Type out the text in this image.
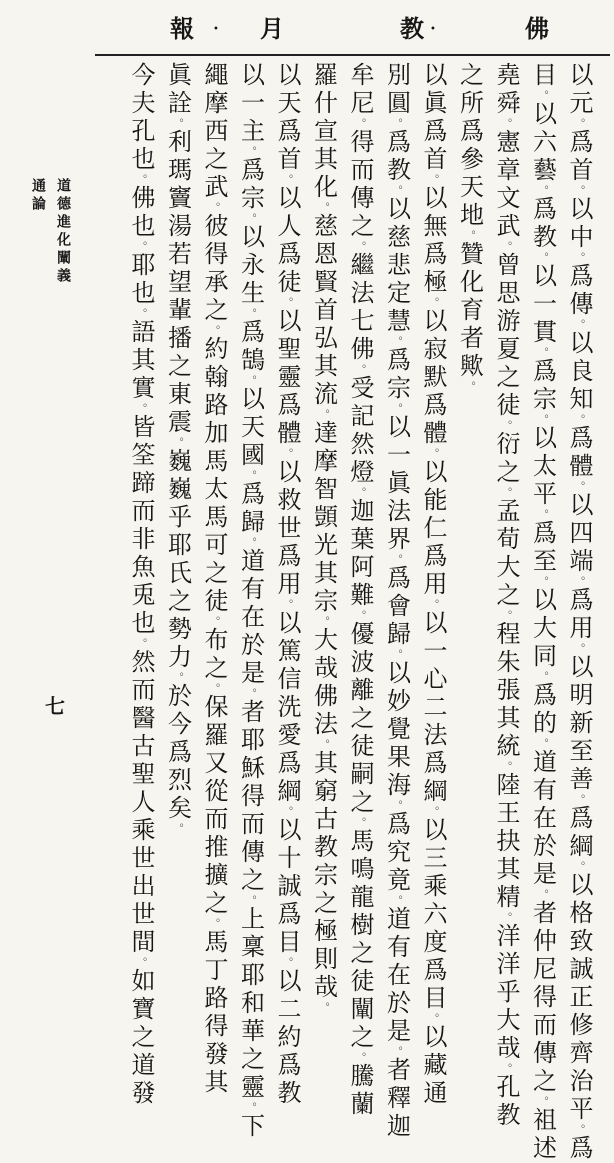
佛
•
教
月
•
報
通論 道德進化闡義
七
以元。爲首。以中。爲傳。以良知。爲體。以四端。爲用。以明新至善。爲綱。以格致誠正修齊治平。爲
目。以六藝。爲教。以一貫。爲宗。以太平。爲至。以大同。爲的。道有在於是。者仲尼得而傳之。祖述
堯舜。憲章文武。曾思游夏之徒。衍之。孟荀大之。程朱張其統。陸王抉其精。洋洋乎大哉。孔教
之所爲參天地。贊化育者歟。
以眞爲首。以無爲極。以寂默爲體。以能仁爲用。以一心二法爲綱。以三乘六度爲目。以藏通
別圓。爲教。以慈悲定慧。爲宗。以一眞法界。爲會歸。以妙覺果海。爲究竟。道有在於是。者釋迦
牟尼。得而傳之。繼法七佛。受記然燈。迦葉阿難。優波離之徒嗣之。馬鳴龍樹之徒闡之。騰蘭
羅什宣其化。慈恩賢首弘其流。達摩智顗光其宗。大哉佛法。其窮古教宗之極則哉。
以天爲首。以人爲徒。以聖靈爲體。以救世爲用。以篤信洗愛爲綱。以十誠爲目。以二約爲教
以一主。爲宗。以永生。爲鵠。以天國。爲歸。道有在於是。者耶穌得而傳之。上稟耶和華之靈。下
繩摩西之武。彼得承之。約翰路加馬太馬可之徒。布之。保羅又從而推擴之。馬丁路得發其
眞詮。利瑪竇湯若望輩播之東震。巍巍乎耶氏之勢力。於今爲烈矣。
今夫孔也。佛也。耶也。語其實。皆筌蹄而非魚兎也。然而醫古聖人乘世出世間。如寶之道發
